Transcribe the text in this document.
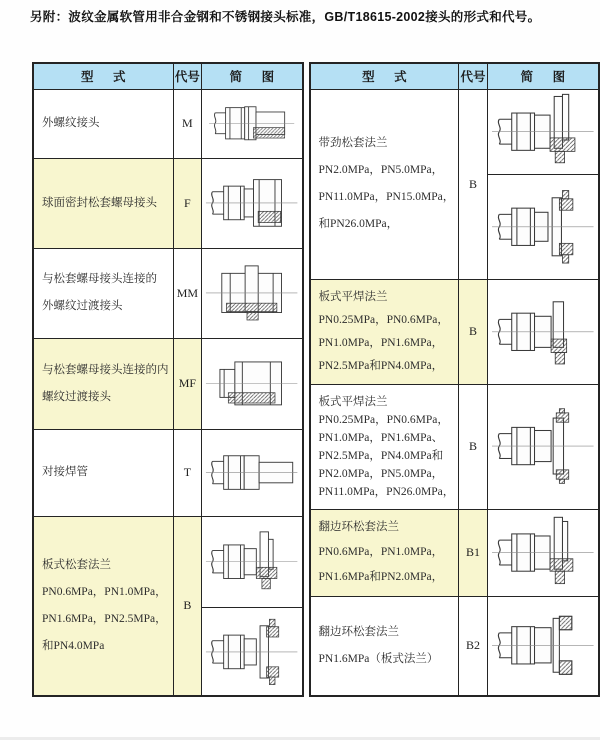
另附：波纹金属软管用非合金钢和不锈钢接头标准，GB/T18615-2002接头的形式和代号。
型 式	代号	简 图

外螺纹接头	M	

球面密封松套螺母接头	F	

与松套螺母接头连接的
外螺纹过渡接头	MM	

与松套螺母接头连接的内
螺纹过渡接头	MF	

对接焊管	T	

板式松套法兰
PN0.6MPa，PN1.0MPa，
PN1.6MPa，PN2.5MPa，
和PN4.0MPa	B	
型 式	代号	简 图

带劲松套法兰
PN2.0MPa，PN5.0MPa，
PN11.0MPa，PN15.0MPa，
和PN26.0MPa，	B	

板式平焊法兰
PN0.25MPa，PN0.6MPa，
PN1.0MPa，PN1.6MPa，
PN2.5MPa和PN4.0MPa，	B	

板式平焊法兰
PN0.25MPa，PN0.6MPa，
PN1.0MPa，PN1.6MPa、
PN2.5MPa，PN4.0MPa和
PN2.0MPa，PN5.0MPa，
PN11.0MPa，PN26.0MPa，
	B	

翻边环松套法兰
PN0.6MPa，PN1.0MPa，
PN1.6MPa和PN2.0MPa，	B1	

翻边环松套法兰
PN1.6MPa（板式法兰）	B2	
